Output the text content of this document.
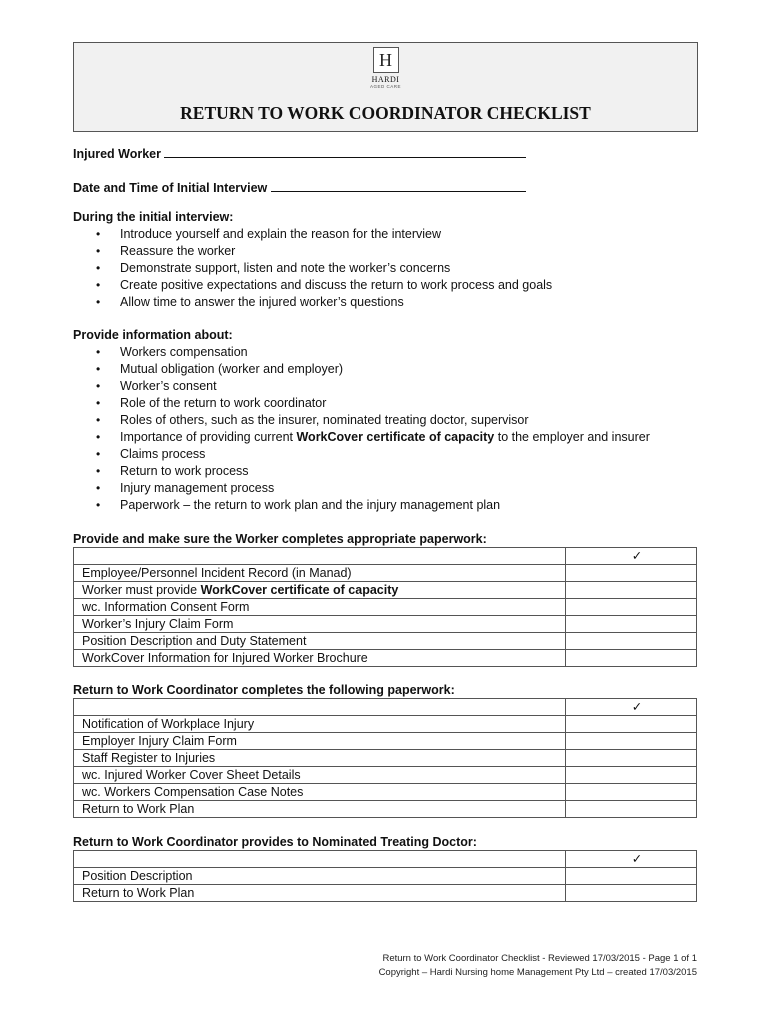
H
HARDI
AGED CARE
RETURN TO WORK COORDINATOR CHECKLIST
Injured Worker
Date and Time of Initial Interview
During the initial interview:
• Introduce yourself and explain the reason for the interview
• Reassure the worker
• Demonstrate support, listen and note the worker’s concerns
• Create positive expectations and discuss the return to work process and goals
• Allow time to answer the injured worker’s questions
Provide information about:
• Workers compensation
• Mutual obligation (worker and employer)
• Worker’s consent
• Role of the return to work coordinator
• Roles of others, such as the insurer, nominated treating doctor, supervisor
• Importance of providing current WorkCover certificate of capacity to the employer and insurer
• Claims process
• Return to work process
• Injury management process
• Paperwork – the return to work plan and the injury management plan
Provide and make sure the Worker completes appropriate paperwork:
	✓
Employee/Personnel Incident Record (in Manad)	
Worker must provide WorkCover certificate of capacity	
wc. Information Consent Form	
Worker’s Injury Claim Form	
Position Description and Duty Statement	
WorkCover Information for Injured Worker Brochure	
Return to Work Coordinator completes the following paperwork:
	✓
Notification of Workplace Injury	
Employer Injury Claim Form	
Staff Register to Injuries	
wc. Injured Worker Cover Sheet Details	
wc. Workers Compensation Case Notes	
Return to Work Plan	
Return to Work Coordinator provides to Nominated Treating Doctor:
	✓
Position Description	
Return to Work Plan	
Return to Work Coordinator Checklist - Reviewed 17/03/2015 - Page 1 of 1
Copyright – Hardi Nursing home Management Pty Ltd – created 17/03/2015
